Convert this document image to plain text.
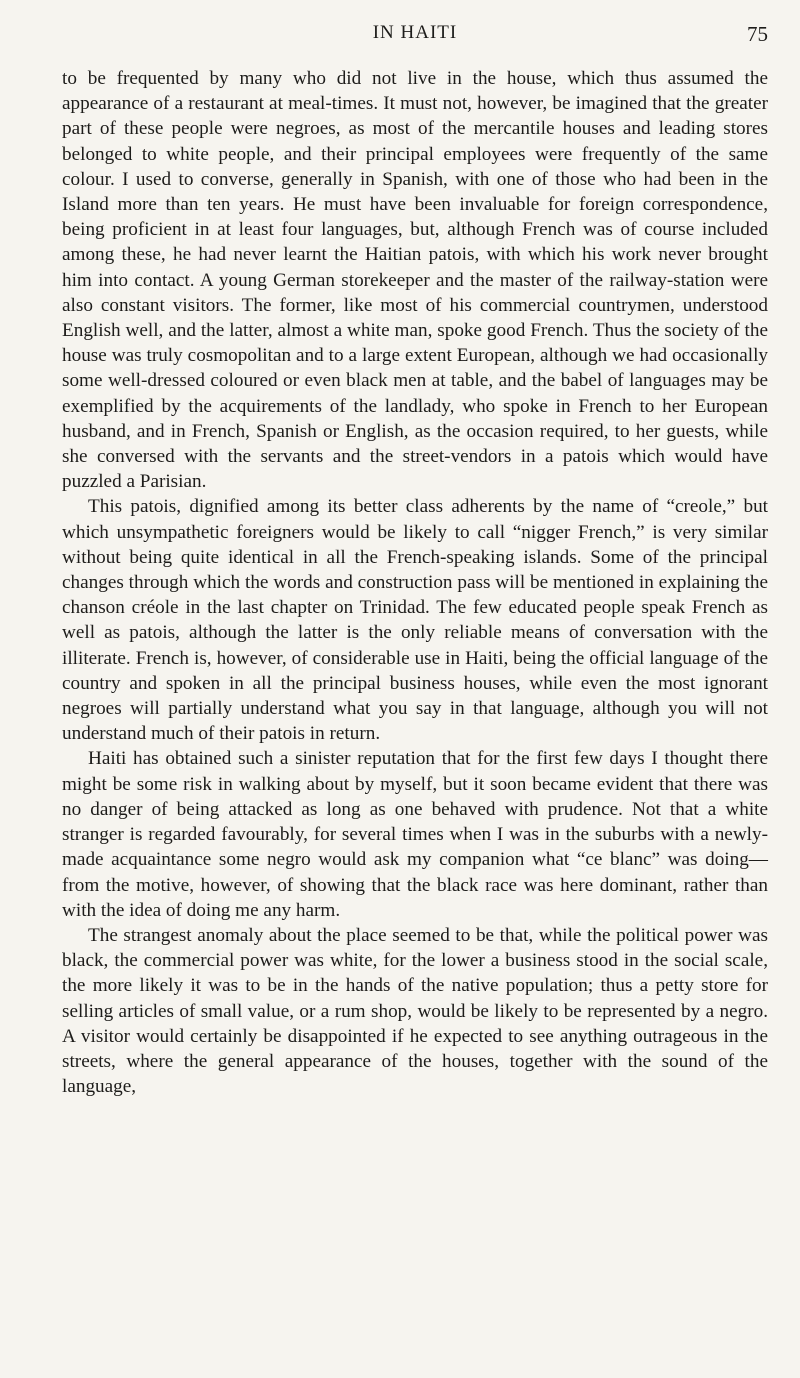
IN HAITI	75

to be frequented by many who did not live in the house, which thus assumed the appearance of a restaurant at meal-times. It must not, however, be imagined that the greater part of these people were negroes, as most of the mercantile houses and leading stores belonged to white people, and their principal employees were frequently of the same colour. I used to converse, generally in Spanish, with one of those who had been in the Island more than ten years. He must have been invaluable for foreign correspondence, being proficient in at least four languages, but, although French was of course included among these, he had never learnt the Haitian patois, with which his work never brought him into contact. A young German storekeeper and the master of the railway-station were also constant visitors. The former, like most of his commercial countrymen, understood English well, and the latter, almost a white man, spoke good French. Thus the society of the house was truly cosmopolitan and to a large extent European, although we had occasionally some well-dressed coloured or even black men at table, and the babel of languages may be exemplified by the acquirements of the landlady, who spoke in French to her European husband, and in French, Spanish or English, as the occasion required, to her guests, while she conversed with the servants and the street-vendors in a patois which would have puzzled a Parisian.

This patois, dignified among its better class adherents by the name of “creole,” but which unsympathetic foreigners would be likely to call “nigger French,” is very similar without being quite identical in all the French-speaking islands. Some of the principal changes through which the words and construction pass will be mentioned in explaining the chanson créole in the last chapter on Trinidad. The few educated people speak French as well as patois, although the latter is the only reliable means of conversation with the illiterate. French is, however, of considerable use in Haiti, being the official language of the country and spoken in all the principal business houses, while even the most ignorant negroes will partially understand what you say in that language, although you will not understand much of their patois in return.

Haiti has obtained such a sinister reputation that for the first few days I thought there might be some risk in walking about by myself, but it soon became evident that there was no danger of being attacked as long as one behaved with prudence. Not that a white stranger is regarded favourably, for several times when I was in the suburbs with a newly-made acquaintance some negro would ask my companion what “ce blanc” was doing—from the motive, however, of showing that the black race was here dominant, rather than with the idea of doing me any harm.

The strangest anomaly about the place seemed to be that, while the political power was black, the commercial power was white, for the lower a business stood in the social scale, the more likely it was to be in the hands of the native population; thus a petty store for selling articles of small value, or a rum shop, would be likely to be represented by a negro. A visitor would certainly be disappointed if he expected to see anything outrageous in the streets, where the general appearance of the houses, together with the sound of the language,
